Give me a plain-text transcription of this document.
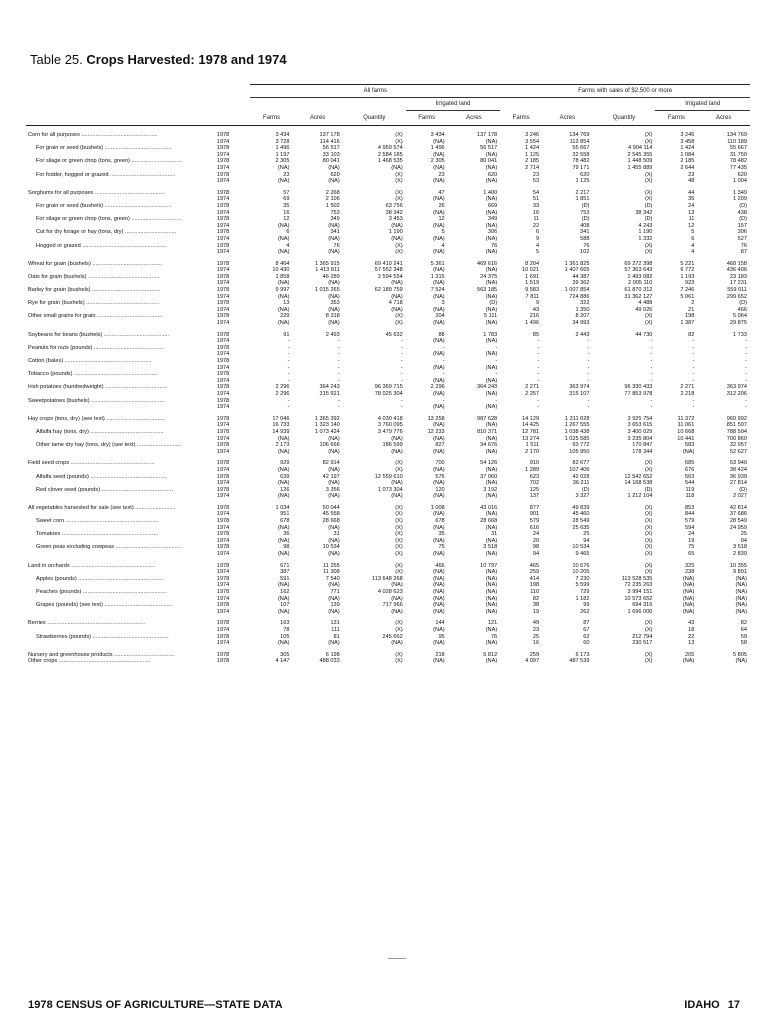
Table 25. Crops Harvested: 1978 and 1974
		All farms					Farms with sales of $2,500 or more				
					Irrigated land					Irrigated land	
		Farms	Acres	Quantity	Farms	Acres	Farms	Acres	Quantity	Farms	Acres
Corn for all purposes .................................................	1978	3 434	137 178	(X)	3 434	137 178	3 246	134 769	(X)	3 246	134 769
	1974	3 728	114 416	(X)	(NA)	(NA)	3 554	112 854	(X)	3 458	110 189
For grain or seed (bushels) ...........................................	1978	1 496	56 517	4 959 574	1 496	56 517	1 424	55 667	4 904 114	1 424	55 667
	1974	1 197	33 103	2 584 185	(NA)	(NA)	1 125	32 558	2 545 355	1 084	31 750
For silage or green chop (tons, green) ................................	1978	2 305	80 041	1 468 535	2 305	80 041	2 185	78 482	1 448 509	2 185	78 482
	1974	(NA)	(NA)	(NA)	(NA)	(NA)	2 714	79 171	1 455 889	2 644	77 435
For fodder, hogged or grazed ..........................................	1978	23	620	(X)	23	620	23	620	(X)	23	620
	1974	(NA)	(NA)	(X)	(NA)	(NA)	53	1 125	(X)	48	1 004
Sorghums for all purposes .............................................	1978	57	2 268	(X)	47	1 400	54	2 217	(X)	44	1 349
	1974	69	2 106	(X)	(NA)	(NA)	51	1 851	(X)	35	1 209
For grain or seed (bushels) ...........................................	1978	35	1 502	63 756	26	669	33	(D)	(D)	24	(D)
	1974	16	753	38 342	(NA)	(NA)	16	753	38 342	13	438
For silage or green chop (tons, green) ................................	1978	12	349	3 453	12	349	11	(D)	(D)	11	(D)
	1974	(NA)	(NA)	(NA)	(NA)	(NA)	22	408	4 243	12	157
Cut for dry forage or hay (tons, dry) .................................	1978	6	341	1 190	5	306	6	341	1 190	5	306
	1974	(NA)	(NA)	(NA)	(NA)	(NA)	9	588	1 332	6	527
Hogged or grazed ......................................................	1978	4	76	(X)	4	76	4	76	(X)	4	76
	1974	(NA)	(NA)	(X)	(NA)	(NA)	5	102	(X)	4	87
Wheat for grain (bushels) .............................................	1978	8 464	1 365 915	69 410 241	5 361	469 616	8 204	1 361 825	69 272 398	5 221	468 158
	1974	10 430	1 413 811	57 552 348	(NA)	(NA)	10 021	1 407 665	57 363 643	6 772	436 406
Oats for grain (bushels) ..............................................	1978	1 858	46 289	2 594 554	1 315	24 375	1 691	44 387	2 493 082	1 193	23 183
	1974	(NA)	(NA)	(NA)	(NA)	(NA)	1 519	39 362	2 005 110	923	17 231
Barley for grain (bushels) ............................................	1978	9 997	1 015 265	62 189 759	7 524	563 185	9 583	1 007 854	61 870 312	7 246	559 011
	1974	(NA)	(NA)	(NA)	(NA)	(NA)	7 811	724 886	31 362 127	5 061	299 652
Rye for grain (bushels) ...............................................	1978	13	353	4 718	3	(D)	9	322	4 488	2	(D)
	1974	(NA)	(NA)	(NA)	(NA)	(NA)	43	1 350	49 026	21	466
Other small grains for grain ..........................................	1978	229	8 318	(X)	204	5 111	216	8 207	(X)	198	5 064
	1974	(NA)	(NA)	(X)	(NA)	(NA)	1 496	34 993	(X)	1 387	29 875
Soybeans for beans (bushels) ..........................................	1978	91	2 493	45 632	88	1 783	85	2 443	44 730	82	1 733
	1974	-	-	-	(NA)	(NA)	-	-	-	-	-
Peanuts for nuts (pounds) .............................................	1978	-	-	-	-	-	-	-	-	-	-
	1974	-	-	-	(NA)	(NA)	-	-	-	-	-
Cotton (bales) ........................................................	1978	-	-	-	-	-	-	-	-	-	-
	1974	-	-	-	(NA)	(NA)	-	-	-	-	-
Tobacco (pounds) ......................................................	1978	-	-	-	-	-	-	-	-	-	-
	1974	-	-	-	(NA)	(NA)	-	-	-	-	-
Irish potatoes (hundredweight) ........................................	1978	2 296	364 243	96 369 715	2 296	364 243	2 271	363 974	96 330 433	2 271	363 974
	1974	2 296	315 921	78 025 304	(NA)	(NA)	2 257	315 107	77 853 978	2 218	312 206
Sweetpotatoes (bushels) ...............................................	1978	-	-	-	-	-	-	-	-	-	-
	1974	-	-	-	(NA)	(NA)	-	-	-	-	-
Hay crops (tons, dry) (see text) ......................................	1978	17 046	1 365 392	4 030 418	13 258	987 628	14 129	1 311 028	3 925 754	11 372	960 992
	1974	16 733	1 323 140	3 760 095	(NA)	(NA)	14 425	1 267 555	3 653 615	11 061	851 597
Alfalfa hay (tons, dry) ...............................................	1978	14 939	1 073 424	3 479 776	12 233	810 371	12 781	1 038 438	3 400 029	10 668	788 504
	1974	(NA)	(NA)	(NA)	(NA)	(NA)	13 274	1 025 585	3 235 804	10 441	700 860
Other tame dry hay (tons, dry) (see text) .............................	1978	2 173	106 666	186 599	827	34 676	1 511	93 772	170 847	583	32 957
	1974	(NA)	(NA)	(NA)	(NA)	(NA)	2 170	105 950	178 344	(NA)	52 627
Field seed crops ......................................................	1978	929	82 914	(X)	700	54 126	910	82 677	(X)	685	53 940
	1974	(NA)	(NA)	(X)	(NA)	(NA)	1 289	107 406	(X)	676	38 424
Alfalfa seed (pounds) .................................................	1978	639	42 197	12 559 610	576	37 060	623	42 028	12 542 652	563	36 939
	1974	(NA)	(NA)	(NA)	(NA)	(NA)	702	36 211	14 168 538	544	27 814
Red clover seed (pounds) ..............................................	1978	126	3 356	1 073 304	120	3 192	125	(D)	(D)	119	(D)
	1974	(NA)	(NA)	(NA)	(NA)	(NA)	137	3 327	1 212 104	118	2 027
All vegetables harvested for sale (see text) ..........................	1978	1 034	50 044	(X)	1 008	43 016	877	49 839	(X)	853	42 814
	1974	951	45 558	(X)	(NA)	(NA)	901	45 460	(X)	844	37 686
Sweet corn ............................................................	1978	678	28 668	(X)	678	28 668	579	28 549	(X)	579	28 549
	1974	(NA)	(NA)	(X)	(NA)	(NA)	616	25 635	(X)	594	24 959
Tomatoes ..............................................................	1978	36	31	(X)	35	31	24	25	(X)	24	25
	1974	(NA)	(NA)	(X)	(NA)	(NA)	20	94	(X)	19	94
Green peas excluding cowpeas ..........................................	1978	98	10 534	(X)	75	3 518	98	10 534	(X)	75	3 518
	1974	(NA)	(NA)	(X)	(NA)	(NA)	94	9 465	(X)	65	2 839
Land in orchards ......................................................	1978	671	11 255	(X)	466	10 797	465	10 676	(X)	325	10 355
	1974	387	11 308	(X)	(NA)	(NA)	259	10 205	(X)	238	9 891
Apples (pounds) .......................................................	1978	591	7 540	113 648 268	(NA)	(NA)	414	7 230	113 528 535	(NA)	(NA)
	1974	(NA)	(NA)	(NA)	(NA)	(NA)	198	5 599	72 235 263	(NA)	(NA)
Peaches (pounds) ......................................................	1978	162	771	4 028 623	(NA)	(NA)	110	729	3 994 151	(NA)	(NA)
	1974	(NA)	(NA)	(NA)	(NA)	(NA)	82	1 182	10 573 652	(NA)	(NA)
Grapes (pounds) (see text) ............................................	1978	107	139	717 966	(NA)	(NA)	38	99	694 316	(NA)	(NA)
	1974	(NA)	(NA)	(NA)	(NA)	(NA)	19	262	1 696 000	(NA)	(NA)
Berries ...............................................................	1978	163	131	(X)	144	121	49	87	(X)	43	82
	1974	78	111	(X)	(NA)	(NA)	23	67	(X)	18	64
Strawberries (pounds) .................................................	1978	105	81	245 662	95	76	25	62	212 794	22	59
	1974	(NA)	(NA)	(NA)	(NA)	(NA)	16	60	230 517	13	58
Nursery and greenhouse products .......................................	1978	305	6 198	(X)	218	5 812	259	6 173	(X)	205	5 805
Other crops ...........................................................	1978	4 147	488 033	(X)	(NA)	(NA)	4 097	487 539	(X)	(NA)	(NA)
1978 CENSUS OF AGRICULTURE—STATE DATA	IDAHO 17
